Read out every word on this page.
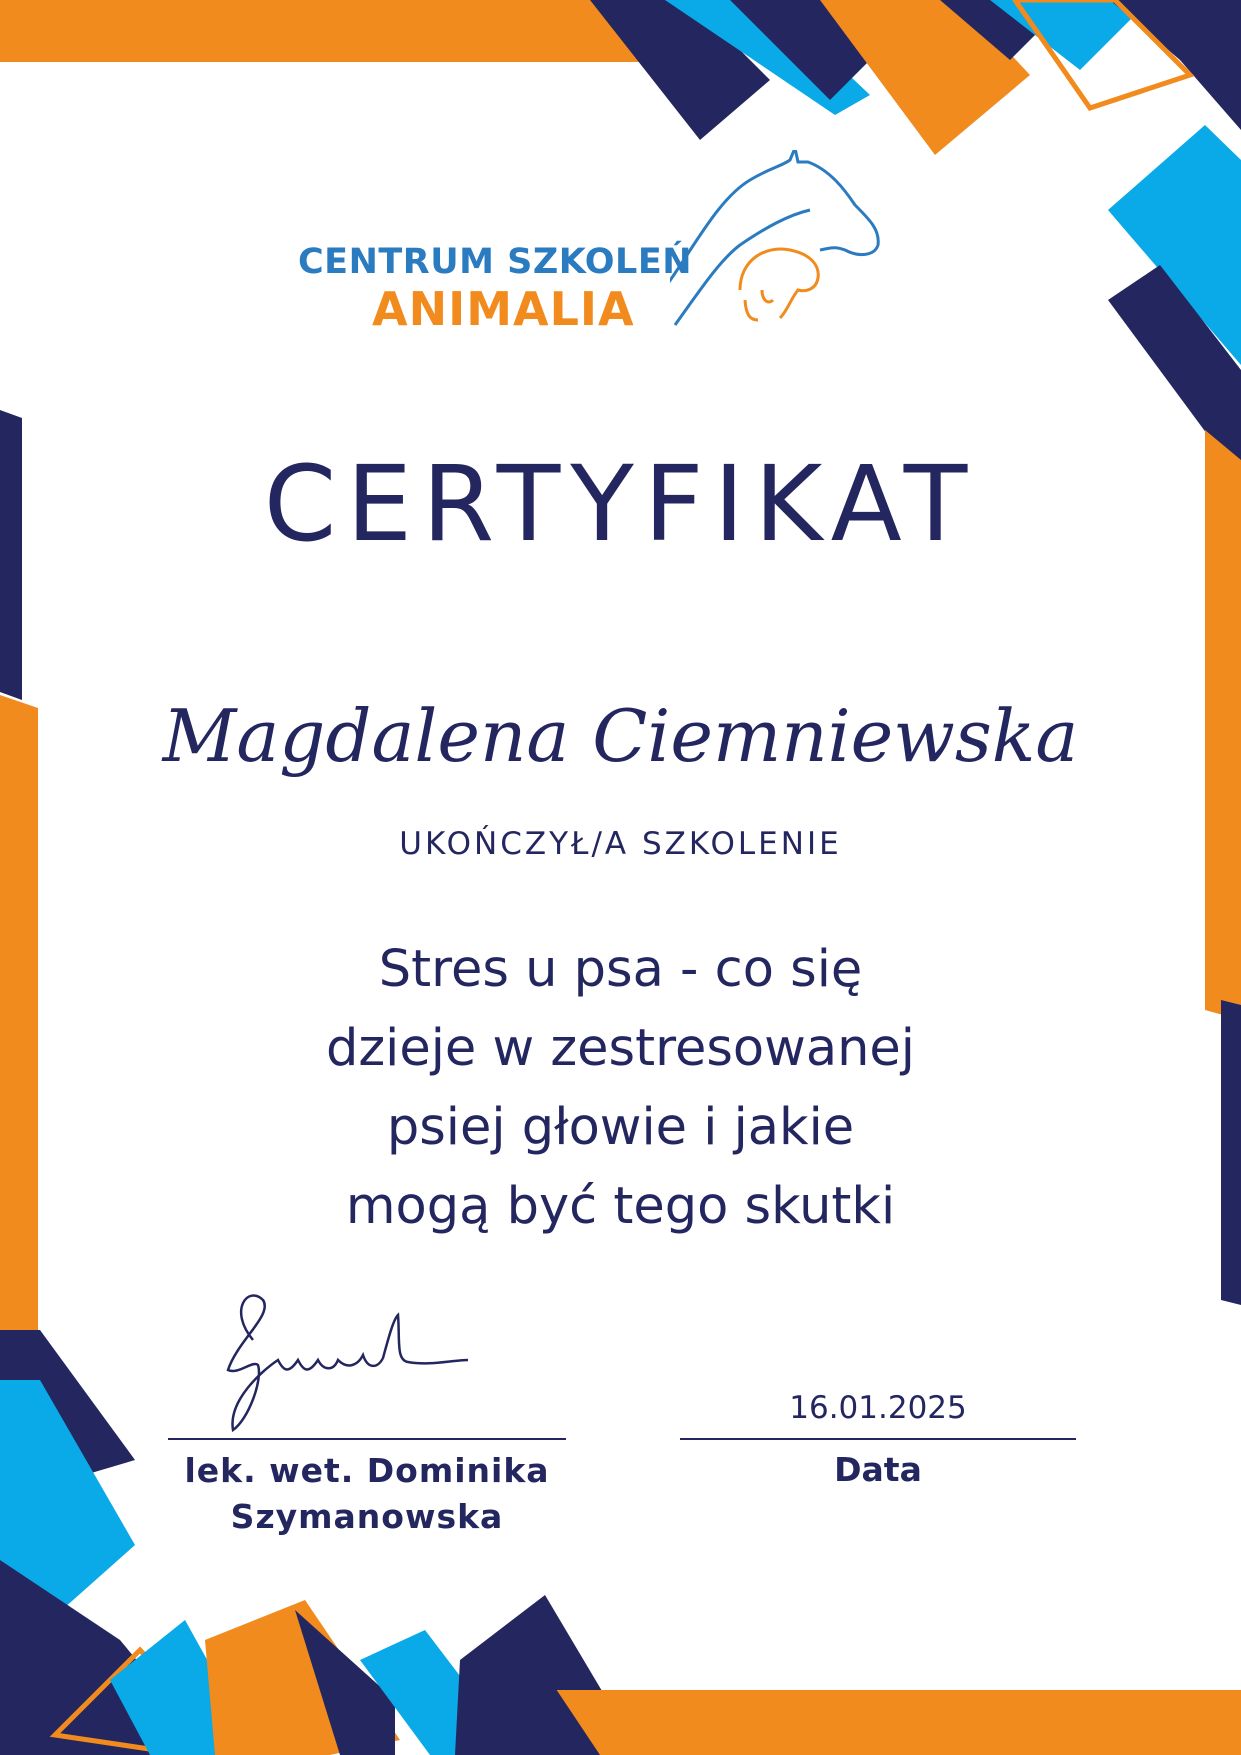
CENTRUM SZKOLEŃ
ANIMALIA
CERTYFIKAT
Magdalena Ciemniewska
UKOŃCZYŁ/A SZKOLENIE
Stres u psa - co się
dzieje w zestresowanej
psiej głowie i jakie
mogą być tego skutki
lek. wet. Dominika
Szymanowska
16.01.2025
Data
